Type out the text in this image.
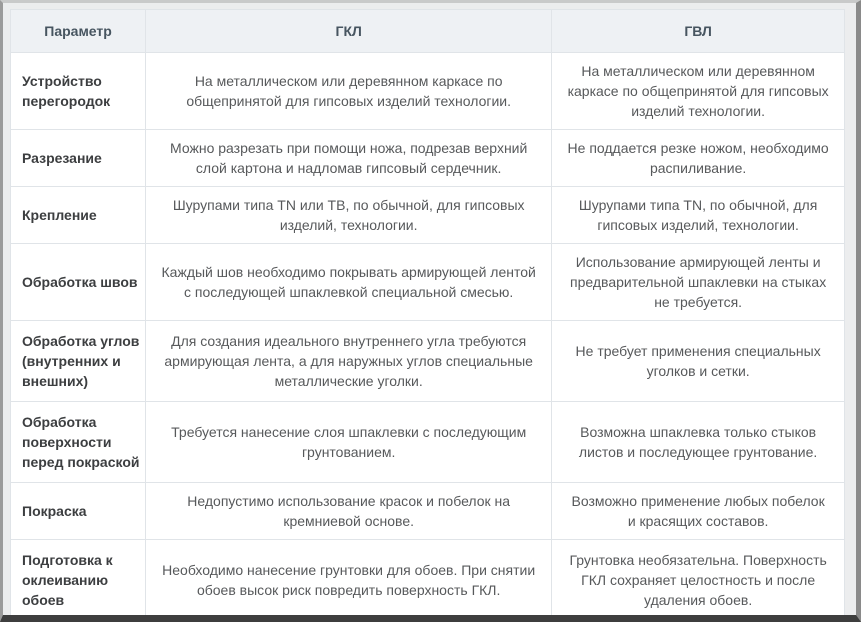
Параметр	ГКЛ	ГВЛ
Устройство перегородок	На металлическом или деревянном каркасе по общепринятой для гипсовых изделий технологии.	На металлическом или деревянном каркасе по общепринятой для гипсовых изделий технологии.
Разрезание	Можно разрезать при помощи ножа, подрезав верхний слой картона и надломав гипсовый сердечник.	Не поддается резке ножом, необходимо распиливание.
Крепление	Шурупами типа TN или ТВ, по обычной, для гипсовых изделий, технологии.	Шурупами типа TN, по обычной, для гипсовых изделий, технологии.
Обработка швов	Каждый шов необходимо покрывать армирующей лентой с последующей шпаклевкой специальной смесью.	Использование армирующей ленты и предварительной шпаклевки на стыках не требуется.
Обработка углов (внутренних и внешних)	Для создания идеального внутреннего угла требуются армирующая лента, а для наружных углов специальные металлические уголки.	Не требует применения специальных уголков и сетки.
Обработка поверхности перед покраской	Требуется нанесение слоя шпаклевки с последующим грунтованием.	Возможна шпаклевка только стыков листов и последующее грунтование.
Покраска	Недопустимо использование красок и побелок на кремниевой основе.	Возможно применение любых побелок и красящих составов.
Подготовка к оклеиванию обоев	Необходимо нанесение грунтовки для обоев. При снятии обоев высок риск повредить поверхность ГКЛ.	Грунтовка необязательна. Поверхность ГКЛ сохраняет целостность и после удаления обоев.
